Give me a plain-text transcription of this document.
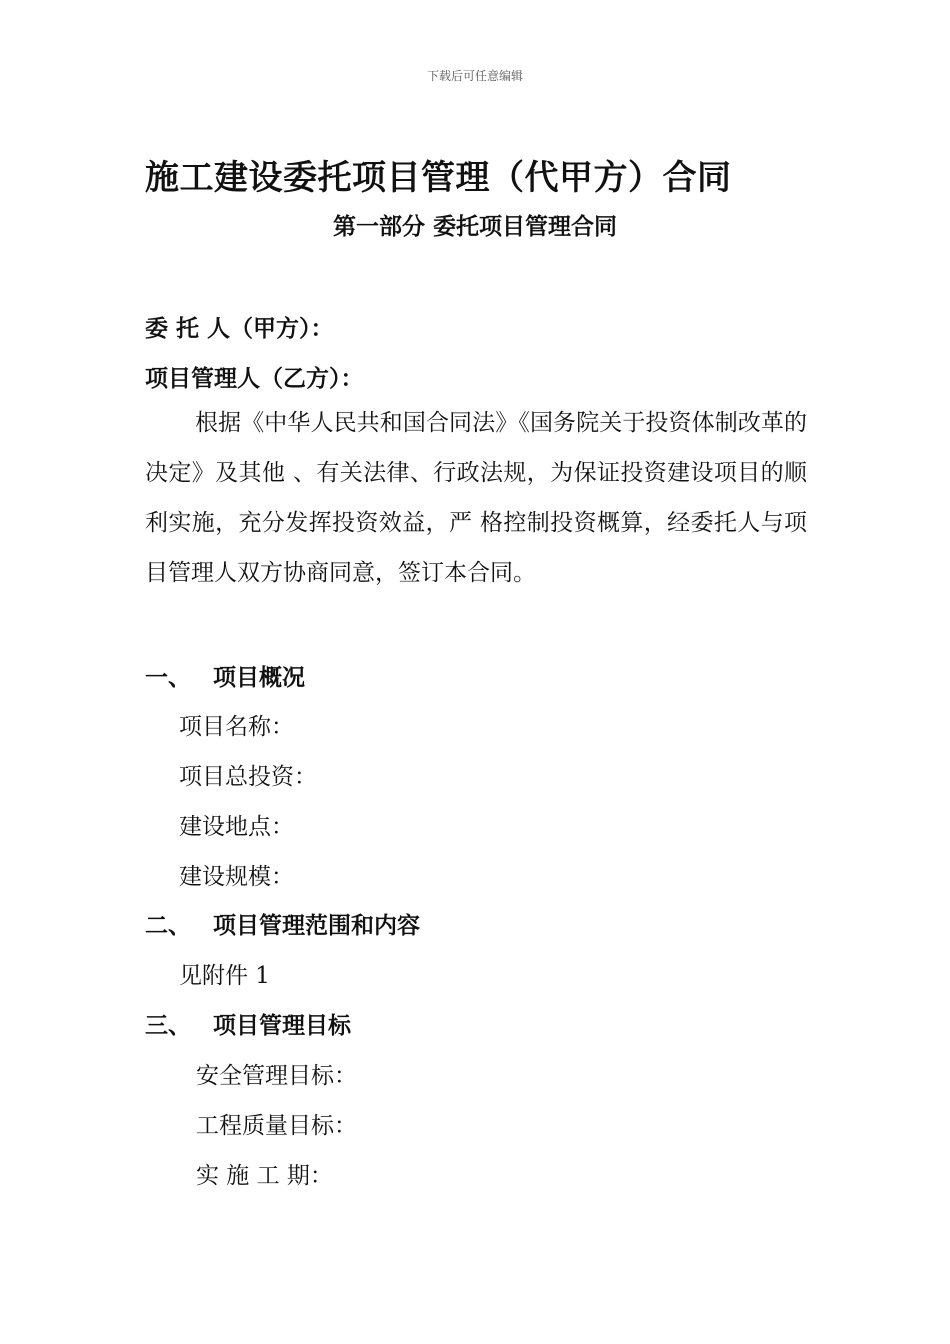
下载后可任意编辑
施工建设委托项目管理（代甲方）合同
第一部分 委托项目管理合同
委 托 人（甲方）：
项目管理人（乙方）：

根据《中华人民共和国合同法》《国务院关于投资体制改革的决定》及其他 、有关法律、行政法规，为保证投资建设项目的顺利实施，充分发挥投资效益，严 格控制投资概算，经委托人与项目管理人双方协商同意，签订本合同。

一、 项目概况
项目名称：
项目总投资：
建设地点：
建设规模：
二、 项目管理范围和内容
见附件 1
三、 项目管理目标
安全管理目标：
工程质量目标：
实 施 工 期：
